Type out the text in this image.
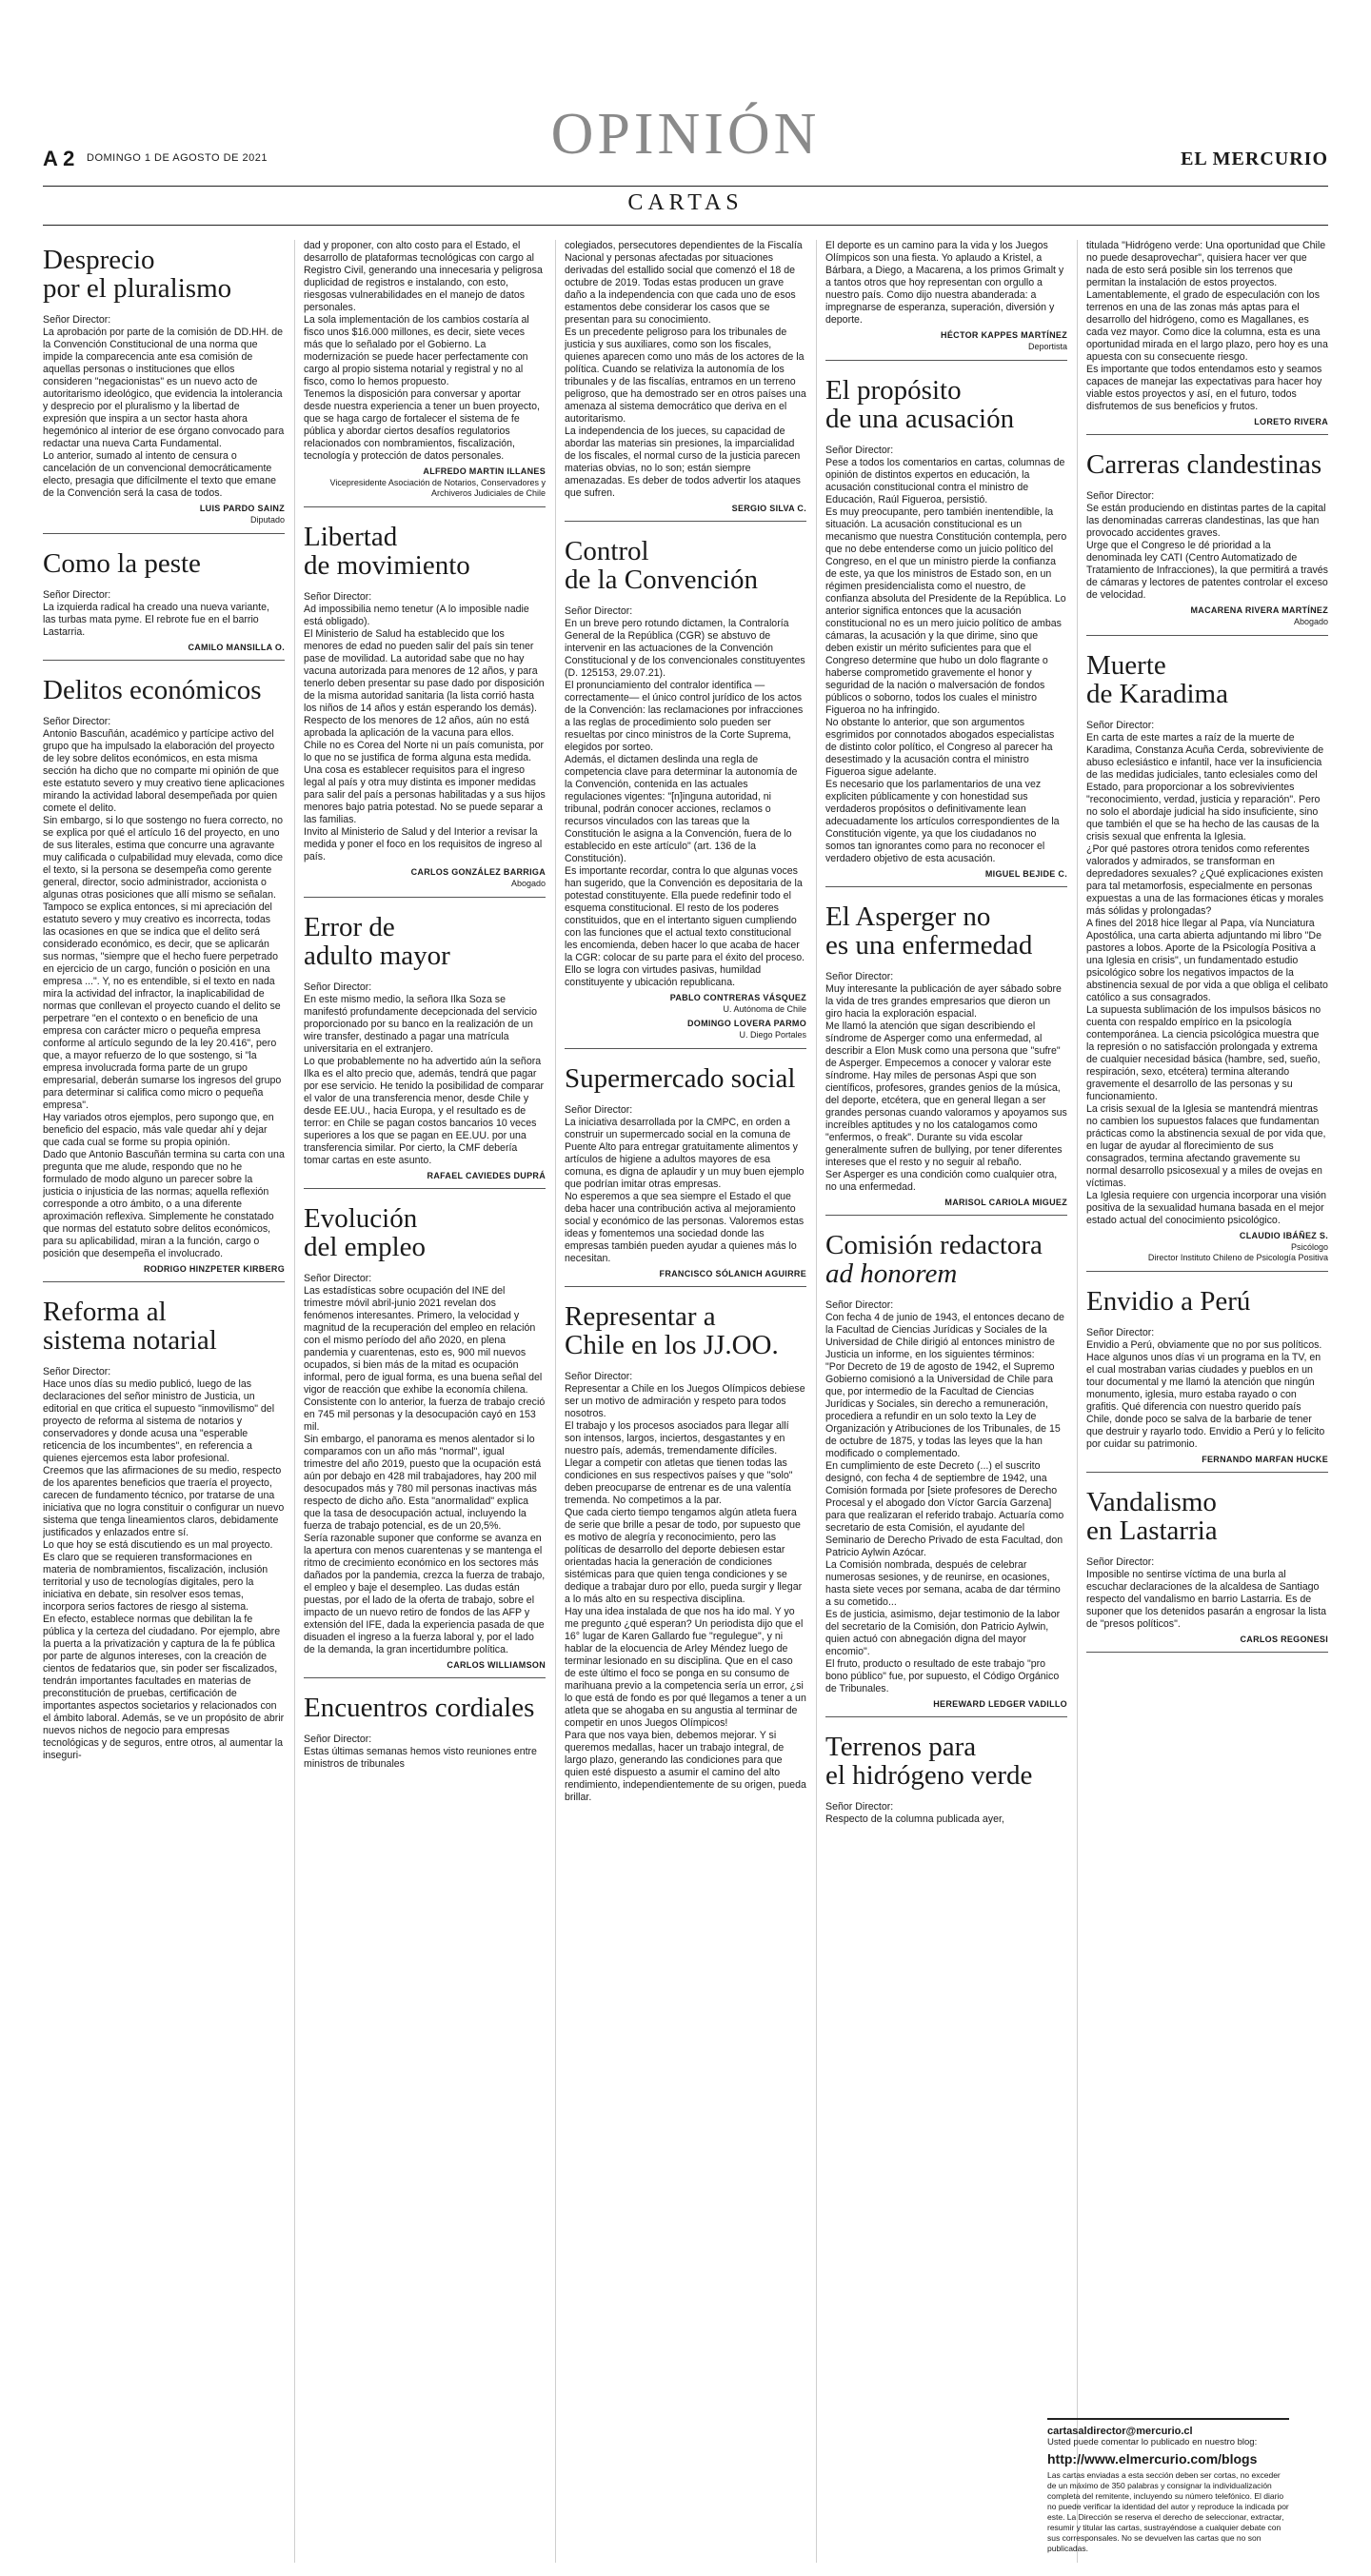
A 2 DOMINGO 1 DE AGOSTO DE 2021	OPINIÓN	EL MERCURIO
CARTAS
Desprecio
por el pluralismo

Señor Director:
La aprobación por parte de la comisión de DD.HH. de la Convención Constitucional de una norma que impide la comparecencia ante esa comisión de aquellas personas o instituciones que ellos consideren "negacionistas" es un nuevo acto de autoritarismo ideológico, que evidencia la intolerancia y desprecio por el pluralismo y la libertad de expresión que inspira a un sector hasta ahora hegemónico al interior de ese órgano convocado para redactar una nueva Carta Fundamental.
Lo anterior, sumado al intento de censura o cancelación de un convencional democráticamente electo, presagia que difícilmente el texto que emane de la Convención será la casa de todos.

LUIS PARDO SAINZ
Diputado
Como la peste

Señor Director:
La izquierda radical ha creado una nueva variante, las turbas mata pyme. El rebrote fue en el barrio Lastarria.

CAMILO MANSILLA O.
Delitos económicos

Señor Director:
Antonio Bascuñán, académico y partícipe activo del grupo que ha impulsado la elaboración del proyecto de ley sobre delitos económicos, en esta misma sección ha dicho que no comparte mi opinión de que este estatuto severo y muy creativo tiene aplicaciones mirando la actividad laboral desempeñada por quien comete el delito.
Sin embargo, si lo que sostengo no fuera correcto, no se explica por qué el artículo 16 del proyecto, en uno de sus literales, estima que concurre una agravante muy calificada o culpabilidad muy elevada, como dice el texto, si la persona se desempeña como gerente general, director, socio administrador, accionista o algunas otras posiciones que allí mismo se señalan. Tampoco se explica entonces, si mi apreciación del estatuto severo y muy creativo es incorrecta, todas las ocasiones en que se indica que el delito será considerado económico, es decir, que se aplicarán sus normas, "siempre que el hecho fuere perpetrado en ejercicio de un cargo, función o posición en una empresa ...". Y, no es entendible, si el texto en nada mira la actividad del infractor, la inaplicabilidad de normas que conllevan el proyecto cuando el delito se perpetrare "en el contexto o en beneficio de una empresa con carácter micro o pequeña empresa conforme al artículo segundo de la ley 20.416", pero que, a mayor refuerzo de lo que sostengo, si "la empresa involucrada forma parte de un grupo empresarial, deberán sumarse los ingresos del grupo para determinar si califica como micro o pequeña empresa".
Hay variados otros ejemplos, pero supongo que, en beneficio del espacio, más vale quedar ahí y dejar que cada cual se forme su propia opinión.
Dado que Antonio Bascuñán termina su carta con una pregunta que me alude, respondo que no he formulado de modo alguno un parecer sobre la justicia o injusticia de las normas; aquella reflexión corresponde a otro ámbito, o a una diferente aproximación reflexiva. Simplemente he constatado que normas del estatuto sobre delitos económicos, para su aplicabilidad, miran a la función, cargo o posición que desempeña el involucrado.

RODRIGO HINZPETER KIRBERG
Reforma al
sistema notarial

Señor Director:
Hace unos días su medio publicó, luego de las declaraciones del señor ministro de Justicia, un editorial en que critica el supuesto "inmovilismo" del proyecto de reforma al sistema de notarios y conservadores y donde acusa una "esperable reticencia de los incumbentes", en referencia a quienes ejercemos esta labor profesional.
Creemos que las afirmaciones de su medio, respecto de los aparentes beneficios que traería el proyecto, carecen de fundamento técnico, por tratarse de una iniciativa que no logra constituir o configurar un nuevo sistema que tenga lineamientos claros, debidamente justificados y enlazados entre sí.
Lo que hoy se está discutiendo es un mal proyecto. Es claro que se requieren transformaciones en materia de nombramientos, fiscalización, inclusión territorial y uso de tecnologías digitales, pero la iniciativa en debate, sin resolver esos temas, incorpora serios factores de riesgo al sistema.
En efecto, establece normas que debilitan la fe pública y la certeza del ciudadano. Por ejemplo, abre la puerta a la privatización y captura de la fe pública por parte de algunos intereses, con la creación de cientos de fedatarios que, sin poder ser fiscalizados, tendrán importantes facultades en materias de preconstitución de pruebas, certificación de importantes aspectos societarios y relacionados con el ámbito laboral. Además, se ve un propósito de abrir nuevos nichos de negocio para empresas tecnológicas y de seguros, entre otros, al aumentar la inseguri-

dad y proponer, con alto costo para el Estado, el desarrollo de plataformas tecnológicas con cargo al Registro Civil, generando una innecesaria y peligrosa duplicidad de registros e instalando, con esto, riesgosas vulnerabilidades en el manejo de datos personales.
La sola implementación de los cambios costaría al fisco unos $16.000 millones, es decir, siete veces más que lo señalado por el Gobierno. La modernización se puede hacer perfectamente con cargo al propio sistema notarial y registral y no al fisco, como lo hemos propuesto.
Tenemos la disposición para conversar y aportar desde nuestra experiencia a tener un buen proyecto, que se haga cargo de fortalecer el sistema de fe pública y abordar ciertos desafíos regulatorios relacionados con nombramientos, fiscalización, tecnología y protección de datos personales.

ALFREDO MARTIN ILLANES
Vicepresidente Asociación de Notarios, Conservadores y Archiveros Judiciales de Chile
Libertad
de movimiento

Señor Director:
Ad impossibilia nemo tenetur (A lo imposible nadie está obligado).
El Ministerio de Salud ha establecido que los menores de edad no pueden salir del país sin tener pase de movilidad. La autoridad sabe que no hay vacuna autorizada para menores de 12 años, y para tenerlo deben presentar su pase dado por disposición de la misma autoridad sanitaria (la lista corrió hasta los niños de 14 años y están esperando los demás). Respecto de los menores de 12 años, aún no está aprobada la aplicación de la vacuna para ellos.
Chile no es Corea del Norte ni un país comunista, por lo que no se justifica de forma alguna esta medida. Una cosa es establecer requisitos para el ingreso legal al país y otra muy distinta es imponer medidas para salir del país a personas habilitadas y a sus hijos menores bajo patria potestad. No se puede separar a las familias.
Invito al Ministerio de Salud y del Interior a revisar la medida y poner el foco en los requisitos de ingreso al país.

CARLOS GONZÁLEZ BARRIGA
Abogado
Error de
adulto mayor

Señor Director:
En este mismo medio, la señora Ilka Soza se manifestó profundamente decepcionada del servicio proporcionado por su banco en la realización de un wire transfer, destinado a pagar una matrícula universitaria en el extranjero.
Lo que probablemente no ha advertido aún la señora Ilka es el alto precio que, además, tendrá que pagar por ese servicio. He tenido la posibilidad de comparar el valor de una transferencia menor, desde Chile y desde EE.UU., hacia Europa, y el resultado es de terror: en Chile se pagan costos bancarios 10 veces superiores a los que se pagan en EE.UU. por una transferencia similar. Por cierto, la CMF debería tomar cartas en este asunto.

RAFAEL CAVIEDES DUPRÁ
Evolución
del empleo

Señor Director:
Las estadísticas sobre ocupación del INE del trimestre móvil abril-junio 2021 revelan dos fenómenos interesantes. Primero, la velocidad y magnitud de la recuperación del empleo en relación con el mismo período del año 2020, en plena pandemia y cuarentenas, esto es, 900 mil nuevos ocupados, si bien más de la mitad es ocupación informal, pero de igual forma, es una buena señal del vigor de reacción que exhibe la economía chilena. Consistente con lo anterior, la fuerza de trabajo creció en 745 mil personas y la desocupación cayó en 153 mil.
Sin embargo, el panorama es menos alentador si lo comparamos con un año más "normal", igual trimestre del año 2019, puesto que la ocupación está aún por debajo en 428 mil trabajadores, hay 200 mil desocupados más y 780 mil personas inactivas más respecto de dicho año. Esta "anormalidad" explica que la tasa de desocupación actual, incluyendo la fuerza de trabajo potencial, es de un 20,5%.
Sería razonable suponer que conforme se avanza en la apertura con menos cuarentenas y se mantenga el ritmo de crecimiento económico en los sectores más dañados por la pandemia, crezca la fuerza de trabajo, el empleo y baje el desempleo. Las dudas están puestas, por el lado de la oferta de trabajo, sobre el impacto de un nuevo retiro de fondos de las AFP y extensión del IFE, dada la experiencia pasada de que disuaden el ingreso a la fuerza laboral y, por el lado de la demanda, la gran incertidumbre política.

CARLOS WILLIAMSON
Encuentros cordiales

Señor Director:
Estas últimas semanas hemos visto reuniones entre ministros de tribunales

colegiados, persecutores dependientes de la Fiscalía Nacional y personas afectadas por situaciones derivadas del estallido social que comenzó el 18 de octubre de 2019. Todas estas producen un grave daño a la independencia con que cada uno de esos estamentos debe considerar los casos que se presentan para su conocimiento.
Es un precedente peligroso para los tribunales de justicia y sus auxiliares, como son los fiscales, quienes aparecen como uno más de los actores de la política. Cuando se relativiza la autonomía de los tribunales y de las fiscalías, entramos en un terreno peligroso, que ha demostrado ser en otros países una amenaza al sistema democrático que deriva en el autoritarismo.
La independencia de los jueces, su capacidad de abordar las materias sin presiones, la imparcialidad de los fiscales, el normal curso de la justicia parecen materias obvias, no lo son; están siempre amenazadas. Es deber de todos advertir los ataques que sufren.

SERGIO SILVA C.
Control
de la Convención

Señor Director:
En un breve pero rotundo dictamen, la Contraloría General de la República (CGR) se abstuvo de intervenir en las actuaciones de la Convención Constitucional y de los convencionales constituyentes (D. 125153, 29.07.21).
El pronunciamiento del contralor identifica —correctamente— el único control jurídico de los actos de la Convención: las reclamaciones por infracciones a las reglas de procedimiento solo pueden ser resueltas por cinco ministros de la Corte Suprema, elegidos por sorteo.
Además, el dictamen deslinda una regla de competencia clave para determinar la autonomía de la Convención, contenida en las actuales regulaciones vigentes: "[n]inguna autoridad, ni tribunal, podrán conocer acciones, reclamos o recursos vinculados con las tareas que la Constitución le asigna a la Convención, fuera de lo establecido en este artículo" (art. 136 de la Constitución).
Es importante recordar, contra lo que algunas voces han sugerido, que la Convención es depositaria de la potestad constituyente. Ella puede redefinir todo el esquema constitucional. El resto de los poderes constituidos, que en el intertanto siguen cumpliendo con las funciones que el actual texto constitucional les encomienda, deben hacer lo que acaba de hacer la CGR: colocar de su parte para el éxito del proceso. Ello se logra con virtudes pasivas, humildad constituyente y ubicación republicana.

PABLO CONTRERAS VÁSQUEZ
U. Autónoma de Chile
DOMINGO LOVERA PARMO
U. Diego Portales
Supermercado social

Señor Director:
La iniciativa desarrollada por la CMPC, en orden a construir un supermercado social en la comuna de Puente Alto para entregar gratuitamente alimentos y artículos de higiene a adultos mayores de esa comuna, es digna de aplaudir y un muy buen ejemplo que podrían imitar otras empresas.
No esperemos a que sea siempre el Estado el que deba hacer una contribución activa al mejoramiento social y económico de las personas. Valoremos estas ideas y fomentemos una sociedad donde las empresas también pueden ayudar a quienes más lo necesitan.

FRANCISCO SÓLANICH AGUIRRE
Representar a
Chile en los JJ.OO.

Señor Director:
Representar a Chile en los Juegos Olímpicos debiese ser un motivo de admiración y respeto para todos nosotros.
El trabajo y los procesos asociados para llegar allí son intensos, largos, inciertos, desgastantes y en nuestro país, además, tremendamente difíciles. Llegar a competir con atletas que tienen todas las condiciones en sus respectivos países y que "solo" deben preocuparse de entrenar es de una valentía tremenda. No competimos a la par.
Que cada cierto tiempo tengamos algún atleta fuera de serie que brille a pesar de todo, por supuesto que es motivo de alegría y reconocimiento, pero las políticas de desarrollo del deporte debiesen estar orientadas hacia la generación de condiciones sistémicas para que quien tenga condiciones y se dedique a trabajar duro por ello, pueda surgir y llegar a lo más alto en su respectiva disciplina.
Hay una idea instalada de que nos ha ido mal. Y yo me pregunto ¿qué esperan? Un periodista dijo que el 16° lugar de Karen Gallardo fue "regulegue", y ni hablar de la elocuencia de Arley Méndez luego de terminar lesionado en su disciplina. Que en el caso de este último el foco se ponga en su consumo de marihuana previo a la competencia sería un error, ¿si lo que está de fondo es por qué llegamos a tener a un atleta que se ahogaba en su angustia al terminar de competir en unos Juegos Olímpicos!
Para que nos vaya bien, debemos mejorar. Y si queremos medallas, hacer un trabajo integral, de largo plazo, generando las condiciones para que quien esté dispuesto a asumir el camino del alto rendimiento, independientemente de su origen, pueda brillar.

El deporte es un camino para la vida y los Juegos Olímpicos son una fiesta. Yo aplaudo a Kristel, a Bárbara, a Diego, a Macarena, a los primos Grimalt y a tantos otros que hoy representan con orgullo a nuestro país. Como dijo nuestra abanderada: a impregnarse de esperanza, superación, diversión y deporte.

HÉCTOR KAPPES MARTÍNEZ
Deportista
El propósito
de una acusación

Señor Director:
Pese a todos los comentarios en cartas, columnas de opinión de distintos expertos en educación, la acusación constitucional contra el ministro de Educación, Raúl Figueroa, persistió.
Es muy preocupante, pero también inentendible, la situación. La acusación constitucional es un mecanismo que nuestra Constitución contempla, pero que no debe entenderse como un juicio político del Congreso, en el que un ministro pierde la confianza de este, ya que los ministros de Estado son, en un régimen presidencialista como el nuestro, de confianza absoluta del Presidente de la República. Lo anterior significa entonces que la acusación constitucional no es un mero juicio político de ambas cámaras, la acusación y la que dirime, sino que deben existir un mérito suficientes para que el Congreso determine que hubo un dolo flagrante o haberse comprometido gravemente el honor y seguridad de la nación o malversación de fondos públicos o soborno, todos los cuales el ministro Figueroa no ha infringido.
No obstante lo anterior, que son argumentos esgrimidos por connotados abogados especialistas de distinto color político, el Congreso al parecer ha desestimado y la acusación contra el ministro Figueroa sigue adelante.
Es necesario que los parlamentarios de una vez expliciten públicamente y con honestidad sus verdaderos propósitos o definitivamente lean adecuadamente los artículos correspondientes de la Constitución vigente, ya que los ciudadanos no somos tan ignorantes como para no reconocer el verdadero objetivo de esta acusación.

MIGUEL BEJIDE C.
El Asperger no
es una enfermedad

Señor Director:
Muy interesante la publicación de ayer sábado sobre la vida de tres grandes empresarios que dieron un giro hacia la exploración espacial.
Me llamó la atención que sigan describiendo el síndrome de Asperger como una enfermedad, al describir a Elon Musk como una persona que "sufre" de Asperger. Empecemos a conocer y valorar este síndrome. Hay miles de personas Aspi que son científicos, profesores, grandes genios de la música, del deporte, etcétera, que en general llegan a ser grandes personas cuando valoramos y apoyamos sus increíbles aptitudes y no los catalogamos como "enfermos, o freak". Durante su vida escolar generalmente sufren de bullying, por tener diferentes intereses que el resto y no seguir al rebaño.
Ser Asperger es una condición como cualquier otra, no una enfermedad.

MARISOL CARIOLA MIGUEZ
Comisión redactora
ad honorem

Señor Director:
Con fecha 4 de junio de 1943, el entonces decano de la Facultad de Ciencias Jurídicas y Sociales de la Universidad de Chile dirigió al entonces ministro de Justicia un informe, en los siguientes términos:
"Por Decreto de 19 de agosto de 1942, el Supremo Gobierno comisionó a la Universidad de Chile para que, por intermedio de la Facultad de Ciencias Jurídicas y Sociales, sin derecho a remuneración, procediera a refundir en un solo texto la Ley de Organización y Atribuciones de los Tribunales, de 15 de octubre de 1875, y todas las leyes que la han modificado o complementado.
En cumplimiento de este Decreto (...) el suscrito designó, con fecha 4 de septiembre de 1942, una Comisión formada por [siete profesores de Derecho Procesal y el abogado don Víctor García Garzena] para que realizaran el referido trabajo. Actuaría como secretario de esta Comisión, el ayudante del Seminario de Derecho Privado de esta Facultad, don Patricio Aylwin Azócar.
La Comisión nombrada, después de celebrar numerosas sesiones, y de reunirse, en ocasiones, hasta siete veces por semana, acaba de dar término a su cometido...
Es de justicia, asimismo, dejar testimonio de la labor del secretario de la Comisión, don Patricio Aylwin, quien actuó con abnegación digna del mayor encomio".
El fruto, producto o resultado de este trabajo "pro bono público" fue, por supuesto, el Código Orgánico de Tribunales.

HEREWARD LEDGER VADILLO
Terrenos para
el hidrógeno verde

Señor Director:
Respecto de la columna publicada ayer,

titulada "Hidrógeno verde: Una oportunidad que Chile no puede desaprovechar", quisiera hacer ver que nada de esto será posible sin los terrenos que permitan la instalación de estos proyectos. Lamentablemente, el grado de especulación con los terrenos en una de las zonas más aptas para el desarrollo del hidrógeno, como es Magallanes, es cada vez mayor. Como dice la columna, esta es una oportunidad mirada en el largo plazo, pero hoy es una apuesta con su consecuente riesgo.
Es importante que todos entendamos esto y seamos capaces de manejar las expectativas para hacer hoy viable estos proyectos y así, en el futuro, todos disfrutemos de sus beneficios y frutos.

LORETO RIVERA
Carreras clandestinas

Señor Director:
Se están produciendo en distintas partes de la capital las denominadas carreras clandestinas, las que han provocado accidentes graves.
Urge que el Congreso le dé prioridad a la denominada ley CATI (Centro Automatizado de Tratamiento de Infracciones), la que permitirá a través de cámaras y lectores de patentes controlar el exceso de velocidad.

MACARENA RIVERA MARTÍNEZ
Abogado
Muerte
de Karadima

Señor Director:
En carta de este martes a raíz de la muerte de Karadima, Constanza Acuña Cerda, sobreviviente de abuso eclesiástico e infantil, hace ver la insuficiencia de las medidas judiciales, tanto eclesiales como del Estado, para proporcionar a los sobrevivientes "reconocimiento, verdad, justicia y reparación". Pero no solo el abordaje judicial ha sido insuficiente, sino que también el que se ha hecho de las causas de la crisis sexual que enfrenta la Iglesia.
¿Por qué pastores otrora tenidos como referentes valorados y admirados, se transforman en depredadores sexuales? ¿Qué explicaciones existen para tal metamorfosis, especialmente en personas expuestas a una de las formaciones éticas y morales más sólidas y prolongadas?
A fines del 2018 hice llegar al Papa, vía Nunciatura Apostólica, una carta abierta adjuntando mi libro "De pastores a lobos. Aporte de la Psicología Positiva a una Iglesia en crisis", un fundamentado estudio psicológico sobre los negativos impactos de la abstinencia sexual de por vida a que obliga el celibato católico a sus consagrados.
La supuesta sublimación de los impulsos básicos no cuenta con respaldo empírico en la psicología contemporánea. La ciencia psicológica muestra que la represión o no satisfacción prolongada y extrema de cualquier necesidad básica (hambre, sed, sueño, respiración, sexo, etcétera) termina alterando gravemente el desarrollo de las personas y su funcionamiento.
La crisis sexual de la Iglesia se mantendrá mientras no cambien los supuestos falaces que fundamentan prácticas como la abstinencia sexual de por vida que, en lugar de ayudar al florecimiento de sus consagrados, termina afectando gravemente su normal desarrollo psicosexual y a miles de ovejas en víctimas.
La Iglesia requiere con urgencia incorporar una visión positiva de la sexualidad humana basada en el mejor estado actual del conocimiento psicológico.

CLAUDIO IBÁÑEZ S.
Psicólogo
Director Instituto Chileno de Psicología Positiva
Envidio a Perú

Señor Director:
Envidio a Perú, obviamente que no por sus políticos. Hace algunos unos días vi un programa en la TV, en el cual mostraban varias ciudades y pueblos en un tour documental y me llamó la atención que ningún monumento, iglesia, muro estaba rayado o con grafitis. Qué diferencia con nuestro querido país Chile, donde poco se salva de la barbarie de tener que destruir y rayarlo todo. Envidio a Perú y lo felicito por cuidar su patrimonio.

FERNANDO MARFAN HUCKE
Vandalismo
en Lastarria

Señor Director:
Imposible no sentirse víctima de una burla al escuchar declaraciones de la alcaldesa de Santiago respecto del vandalismo en barrio Lastarria. Es de suponer que los detenidos pasarán a engrosar la lista de "presos políticos".

CARLOS REGONESI
cartasaldirector@mercurio.cl
Usted puede comentar lo publicado en nuestro blog:
http://www.elmercurio.com/blogs
Las cartas enviadas a esta sección deben ser cortas, no exceder de un máximo de 350 palabras y consignar la individualización completa del remitente, incluyendo su número telefónico. El diario no puede verificar la identidad del autor y reproduce la indicada por este. La Dirección se reserva el derecho de seleccionar, extractar, resumir y titular las cartas, sustrayéndose a cualquier debate con sus corresponsales. No se devuelven las cartas que no son publicadas.
